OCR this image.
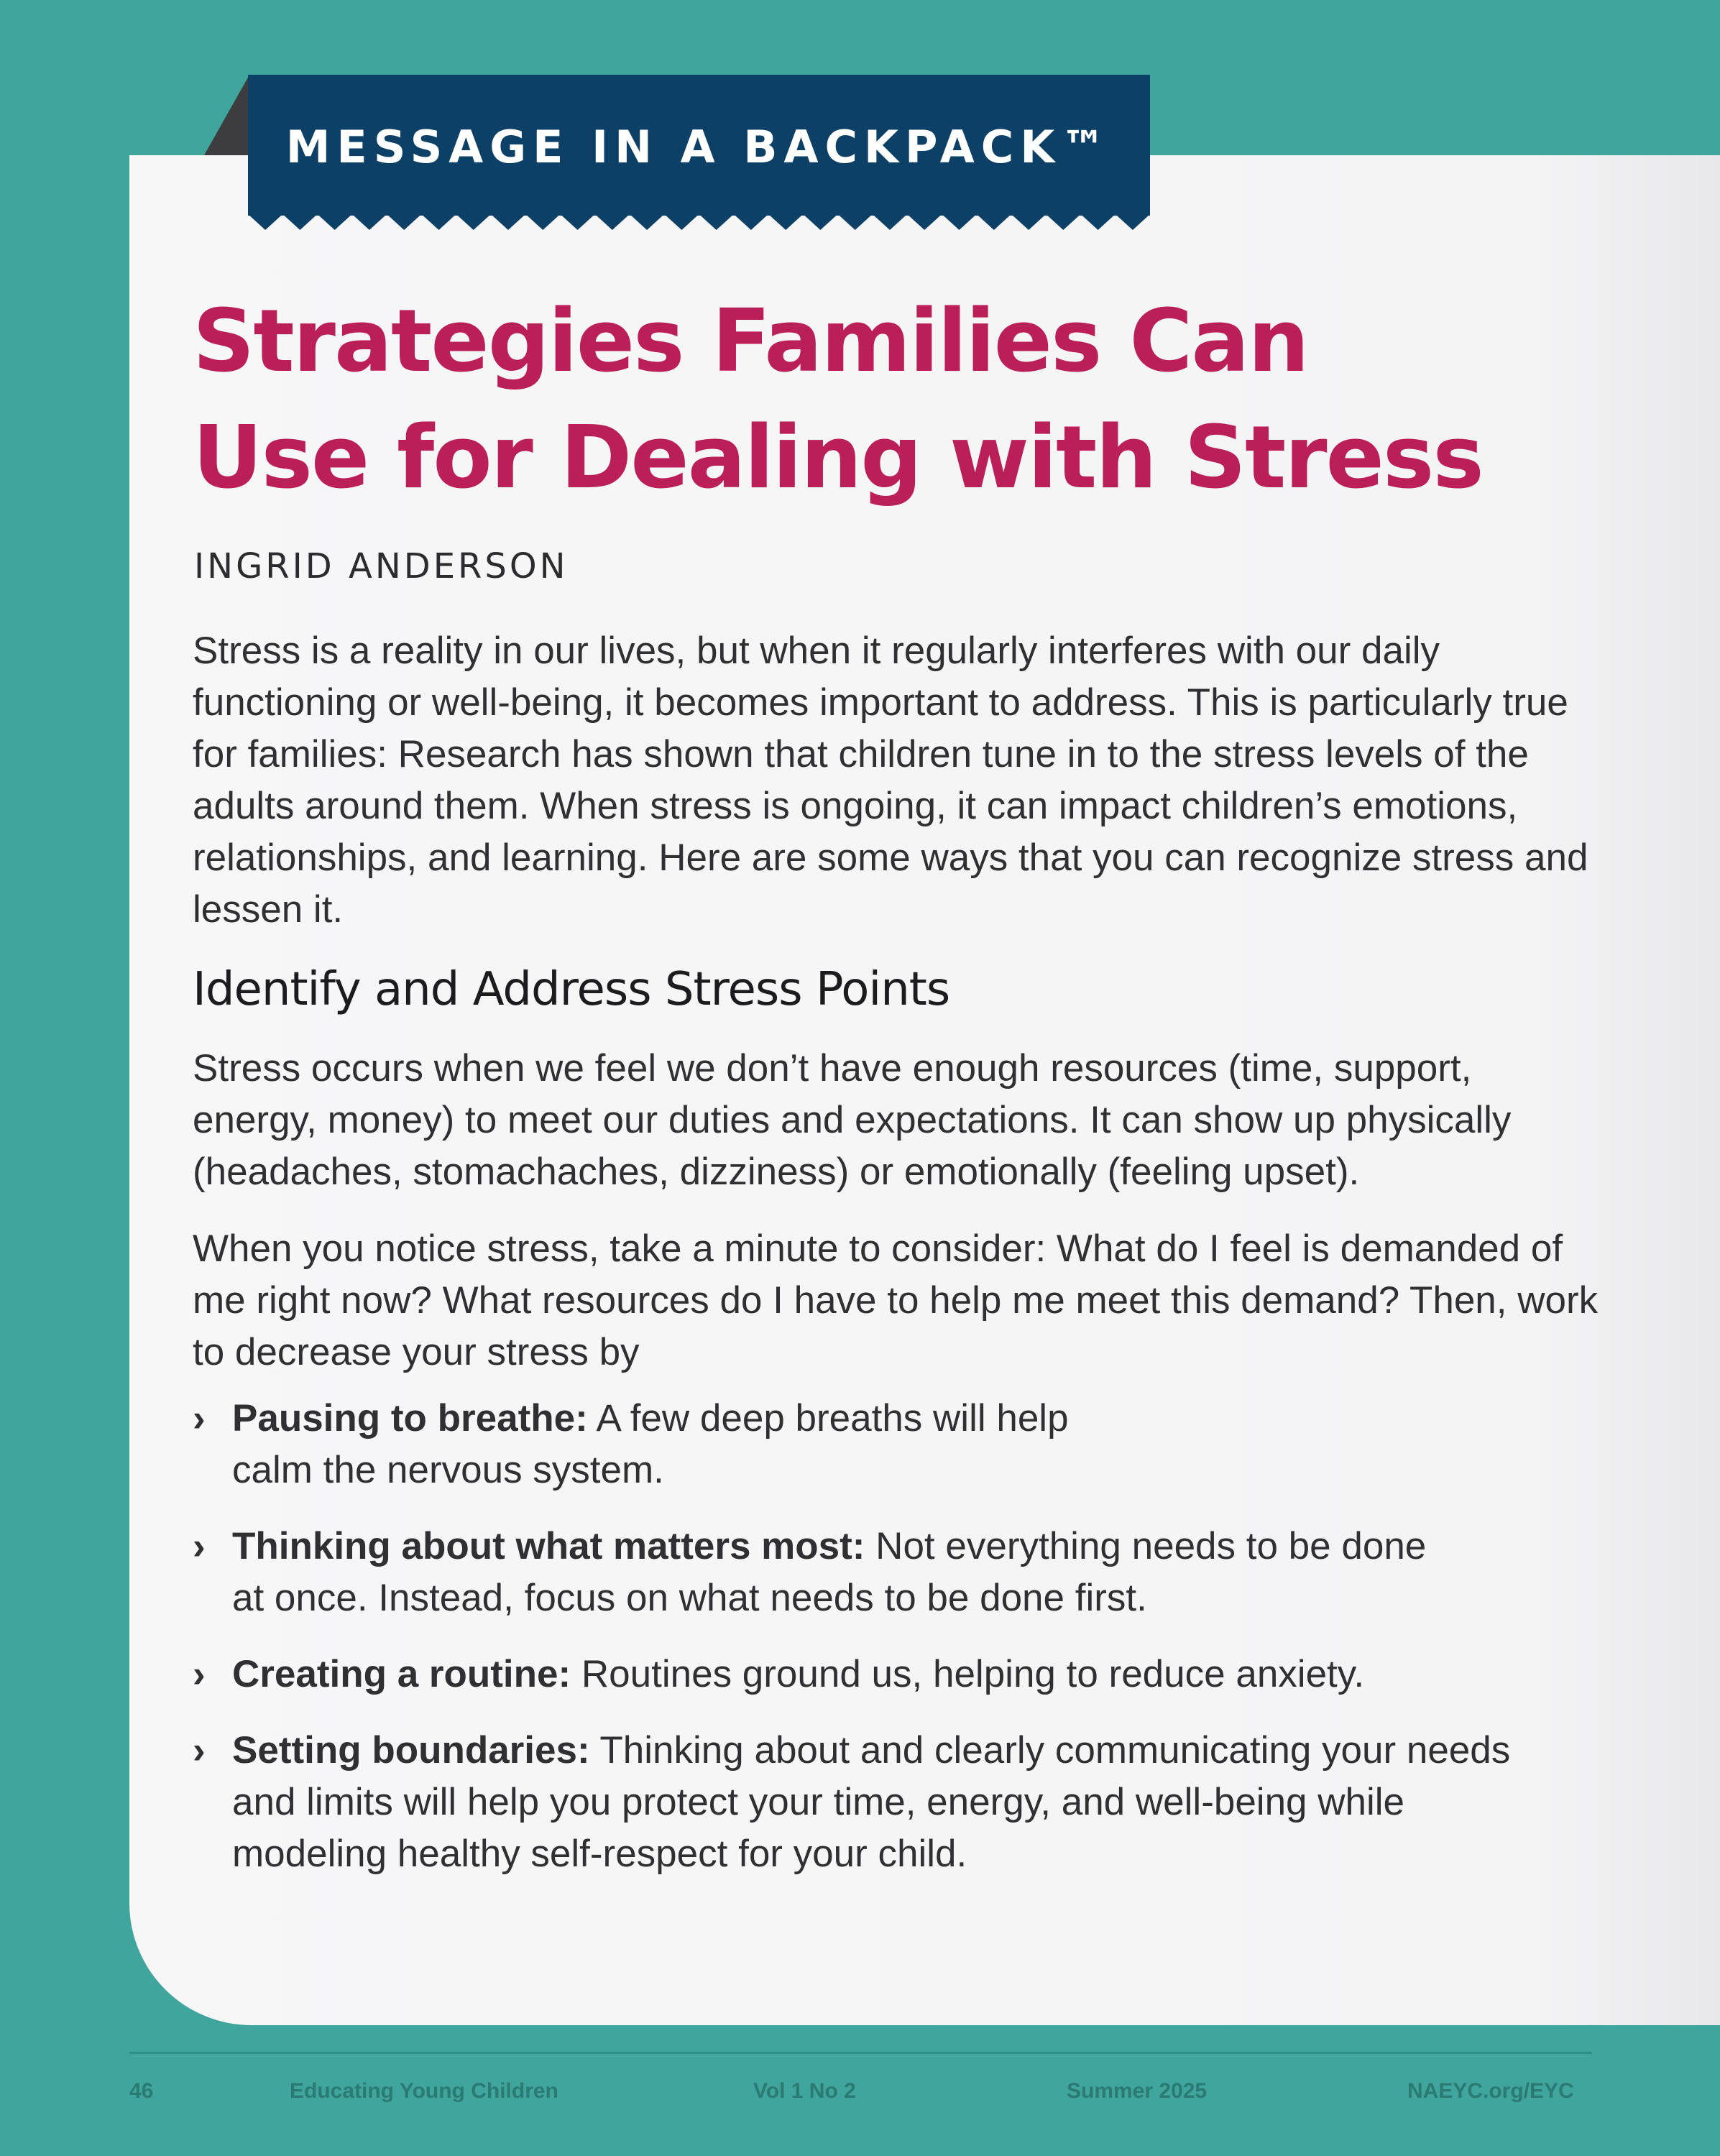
MESSAGE IN A BACKPACK™
Strategies Families Can
Use for Dealing with Stress

INGRID ANDERSON

Stress is a reality in our lives, but when it regularly interferes with our daily functioning or well-being, it becomes important to address. This is particularly true for families: Research has shown that children tune in to the stress levels of the adults around them. When stress is ongoing, it can impact children’s emotions, relationships, and learning. Here are some ways that you can recognize stress and lessen it.

Identify and Address Stress Points

Stress occurs when we feel we don’t have enough resources (time, support, energy, money) to meet our duties and expectations. It can show up physically (headaches, stomachaches, dizziness) or emotionally (feeling upset).

When you notice stress, take a minute to consider: What do I feel is demanded of me right now? What resources do I have to help me meet this demand? Then, work to decrease your stress by

› Pausing to breathe: A few deep breaths will help calm the nervous system.
› Thinking about what matters most: Not everything needs to be done at once. Instead, focus on what needs to be done first.
› Creating a routine: Routines ground us, helping to reduce anxiety.
› Setting boundaries: Thinking about and clearly communicating your needs and limits will help you protect your time, energy, and well-being while modeling healthy self-respect for your child.
46	Educating Young Children	Vol 1 No 2	Summer 2025	NAEYC.org/EYC
